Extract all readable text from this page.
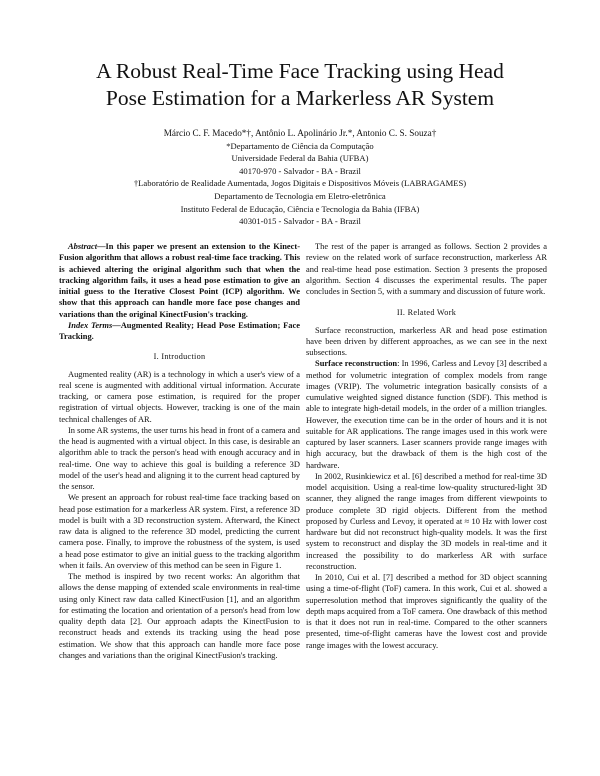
A Robust Real-Time Face Tracking using Head
Pose Estimation for a Markerless AR System
Márcio C. F. Macedo*†, Antônio L. Apolinário Jr.*, Antonio C. S. Souza†
*Departamento de Ciência da Computação
Universidade Federal da Bahia (UFBA)
40170-970 - Salvador - BA - Brazil
†Laboratório de Realidade Aumentada, Jogos Digitais e Dispositivos Móveis (LABRAGAMES)
Departamento de Tecnologia em Eletro-eletrônica
Instituto Federal de Educação, Ciência e Tecnologia da Bahia (IFBA)
40301-015 - Salvador - BA - Brazil

Abstract—In this paper we present an extension to the Kinect-Fusion algorithm that allows a robust real-time face tracking. This is achieved altering the original algorithm such that when the tracking algorithm fails, it uses a head pose estimation to give an initial guess to the Iterative Closest Point (ICP) algorithm. We show that this approach can handle more face pose changes and variations than the original KinectFusion's tracking.

Index Terms—Augmented Reality; Head Pose Estimation; Face Tracking.

I. Introduction

Augmented reality (AR) is a technology in which a user's view of a real scene is augmented with additional virtual information. Accurate tracking, or camera pose estimation, is required for the proper registration of virtual objects. However, tracking is one of the main technical challenges of AR.

In some AR systems, the user turns his head in front of a camera and the head is augmented with a virtual object. In this case, is desirable an algorithm able to track the person's head with enough accuracy and in real-time. One way to achieve this goal is building a reference 3D model of the user's head and aligning it to the current head captured by the sensor.

We present an approach for robust real-time face tracking based on head pose estimation for a markerless AR system. First, a reference 3D model is built with a 3D reconstruction system. Afterward, the Kinect raw data is aligned to the reference 3D model, predicting the current camera pose. Finally, to improve the robustness of the system, is used a head pose estimator to give an initial guess to the tracking algorithm when it fails. An overview of this method can be seen in Figure 1.

The method is inspired by two recent works: An algorithm that allows the dense mapping of extended scale environments in real-time using only Kinect raw data called KinectFusion [1], and an algorithm for estimating the location and orientation of a person's head from low quality depth data [2]. Our approach adapts the KinectFusion to reconstruct heads and extends its tracking using the head pose estimation. We show that this approach can handle more face pose changes and variations than the original KinectFusion's tracking.

The rest of the paper is arranged as follows. Section 2 provides a review on the related work of surface reconstruction, markerless AR and real-time head pose estimation. Section 3 presents the proposed algorithm. Section 4 discusses the experimental results. The paper concludes in Section 5, with a summary and discussion of future work.

II. Related Work

Surface reconstruction, markerless AR and head pose estimation have been driven by different approaches, as we can see in the next subsections.

Surface reconstruction: In 1996, Carless and Levoy [3] described a method for volumetric integration of complex models from range images (VRIP). The volumetric integration basically consists of a cumulative weighted signed distance function (SDF). This method is able to integrate high-detail models, in the order of a million triangles. However, the execution time can be in the order of hours and it is not suitable for AR applications. The range images used in this work were captured by laser scanners. Laser scanners provide range images with high accuracy, but the drawback of them is the high cost of the hardware.

In 2002, Rusinkiewicz et al. [6] described a method for real-time 3D model acquisition. Using a real-time low-quality structured-light 3D scanner, they aligned the range images from different viewpoints to produce complete 3D rigid objects. Different from the method proposed by Curless and Levoy, it operated at ≈ 10 Hz with lower cost hardware but did not reconstruct high-quality models. It was the first system to reconstruct and display the 3D models in real-time and it increased the possibility to do markerless AR with surface reconstruction.

In 2010, Cui et al. [7] described a method for 3D object scanning using a time-of-flight (ToF) camera. In this work, Cui et al. showed a superresolution method that improves significantly the quality of the depth maps acquired from a ToF camera. One drawback of this method is that it does not run in real-time. Compared to the other scanners presented, time-of-flight cameras have the lowest cost and provide range images with the lowest accuracy.
